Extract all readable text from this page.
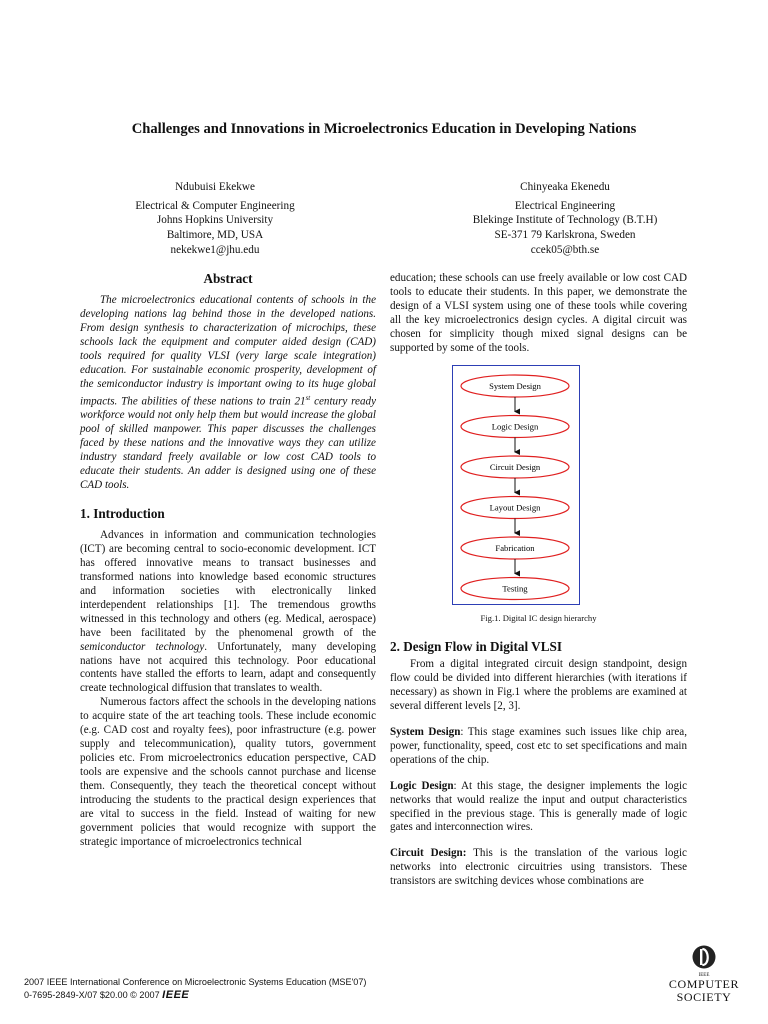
Challenges and Innovations in Microelectronics Education in Developing Nations
Ndubuisi Ekekwe
Electrical & Computer Engineering
Johns Hopkins University
Baltimore, MD, USA
nekekwe1@jhu.edu
Chinyeaka Ekenedu
Electrical Engineering
Blekinge Institute of Technology (B.T.H)
SE-371 79 Karlskrona, Sweden
ccek05@bth.se
Abstract

The microelectronics educational contents of schools in the developing nations lag behind those in the developed nations. From design synthesis to characterization of microchips, these schools lack the equipment and computer aided design (CAD) tools required for quality VLSI (very large scale integration) education. For sustainable economic prosperity, development of the semiconductor industry is important owing to its huge global impacts. The abilities of these nations to train 21st century ready workforce would not only help them but would increase the global pool of skilled manpower. This paper discusses the challenges faced by these nations and the innovative ways they can utilize industry standard freely available or low cost CAD tools to educate their students. An adder is designed using one of these CAD tools.

1. Introduction

Advances in information and communication technologies (ICT) are becoming central to socio-economic development. ICT has offered innovative means to transact businesses and transformed nations into knowledge based economic structures and information societies with electronically linked interdependent relationships [1]. The tremendous growths witnessed in this technology and others (eg. Medical, aerospace) have been facilitated by the phenomenal growth of the semiconductor technology. Unfortunately, many developing nations have not acquired this technology. Poor educational contents have stalled the efforts to learn, adapt and consequently create technological diffusion that translates to wealth.

Numerous factors affect the schools in the developing nations to acquire state of the art teaching tools. These include economic (e.g. CAD cost and royalty fees), poor infrastructure (e.g. power supply and telecommunication), quality tutors, government policies etc. From microelectronics education perspective, CAD tools are expensive and the schools cannot purchase and license them. Consequently, they teach the theoretical concept without introducing the students to the practical design experiences that are vital to success in the field. Instead of waiting for new government policies that would recognize with support the strategic importance of microelectronics technical

education; these schools can use freely available or low cost CAD tools to educate their students. In this paper, we demonstrate the design of a VLSI system using one of these tools while covering all the key microelectronics design cycles. A digital circuit was chosen for simplicity though mixed signal designs can be supported by some of the tools.

System Design
Logic Design
Circuit Design
Layout Design
Fabrication
Testing
Fig.1. Digital IC design hierarchy
2. Design Flow in Digital VLSI

From a digital integrated circuit design standpoint, design flow could be divided into different hierarchies (with iterations if necessary) as shown in Fig.1 where the problems are examined at several different levels [2, 3].

System Design: This stage examines such issues like chip area, power, functionality, speed, cost etc to set specifications and main operations of the chip.

Logic Design: At this stage, the designer implements the logic networks that would realize the input and output characteristics specified in the previous stage. This is generally made of logic gates and interconnection wires.

Circuit Design: This is the translation of the various logic networks into electronic circuitries using transistors. These transistors are switching devices whose combinations are

2007 IEEE International Conference on Microelectronic Systems Education (MSE'07)
0-7695-2849-X/07 $20.00 © 2007 IEEE
IEEE
COMPUTER
SOCIETY
